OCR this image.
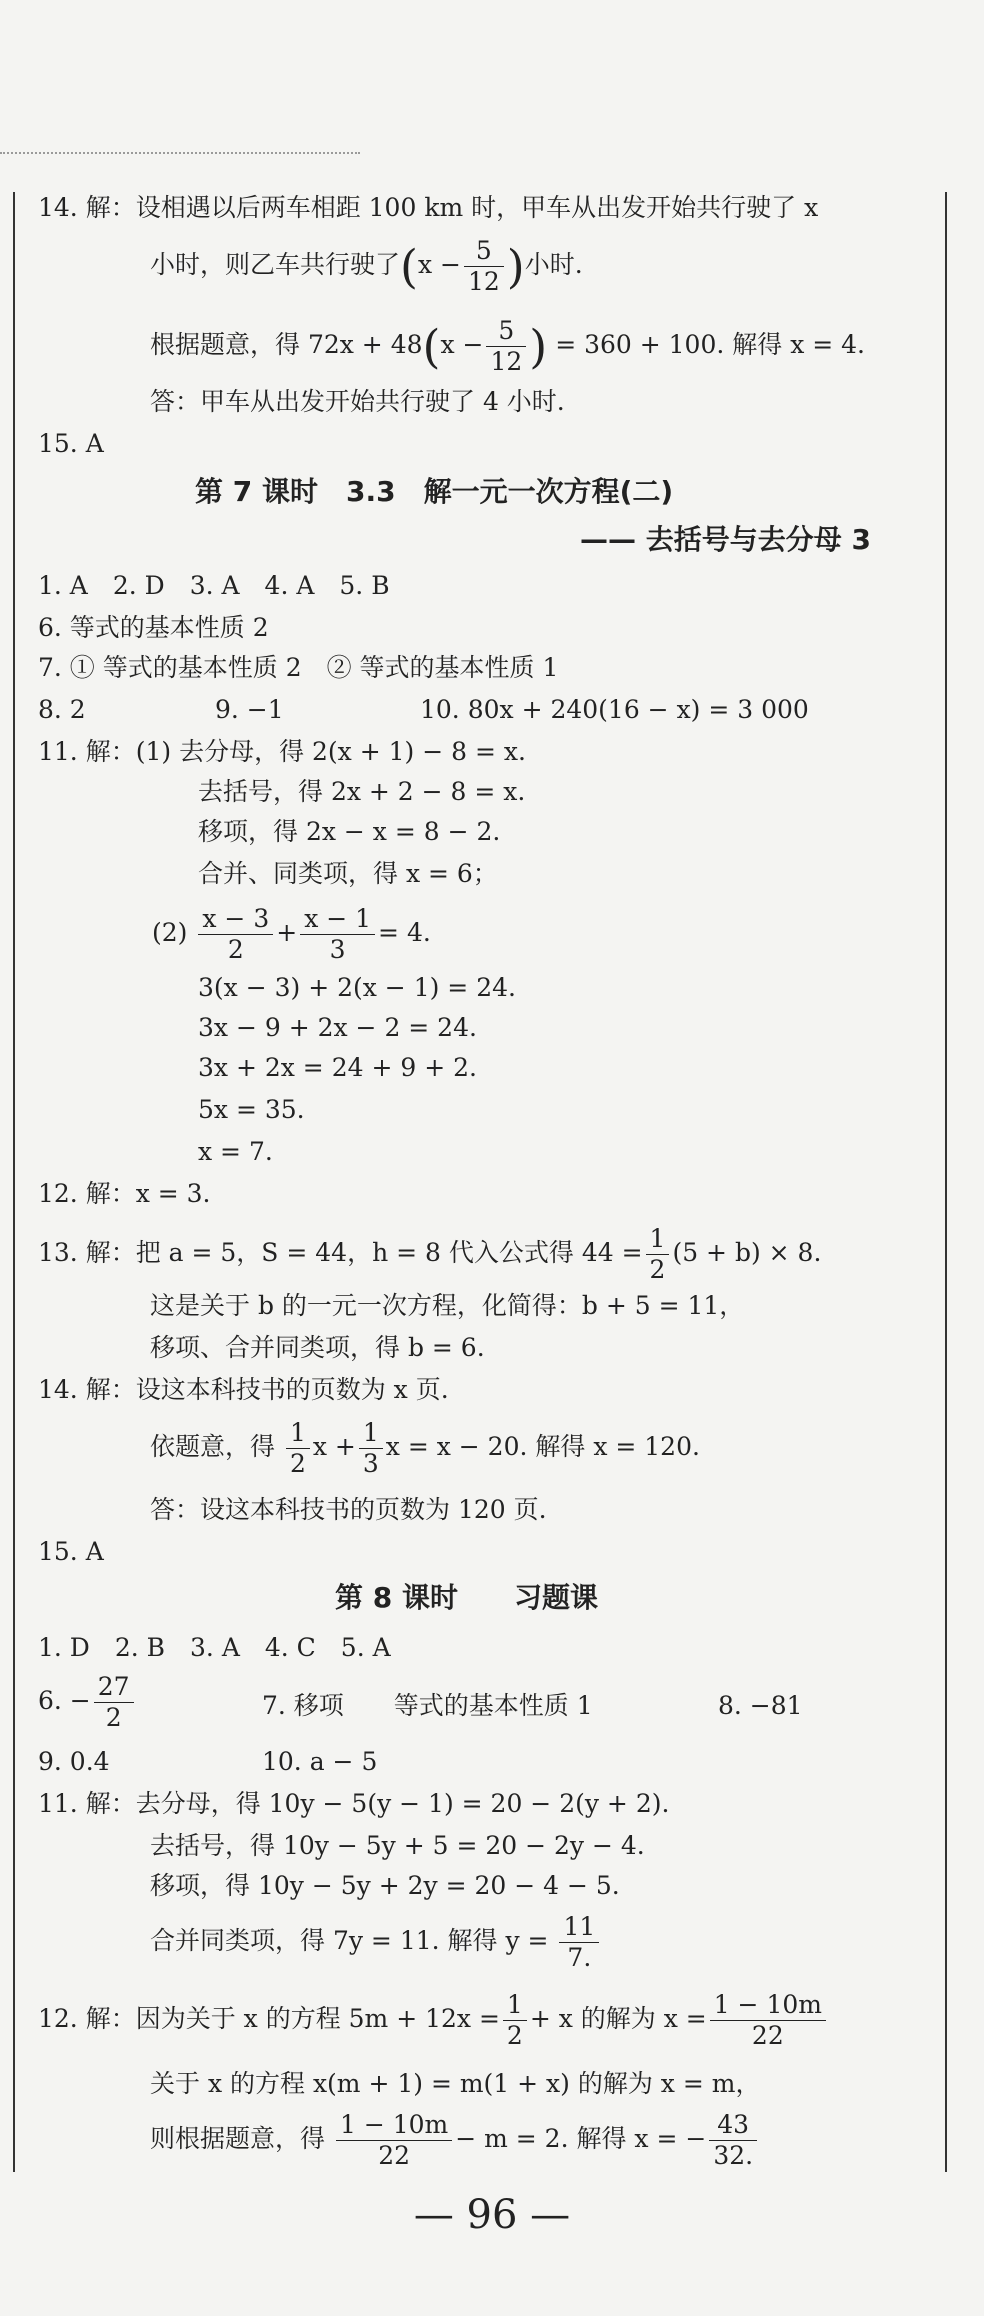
14. 解：设相遇以后两车相距 100 km 时，甲车从出发开始共行驶了 x
小时，则乙车共行驶了($x - \frac{5}{12}$ )小时.
根据题意，得 $72x + 48(x - \frac{5}{12}$ ) = 360 + 100. 解得 x = 4.
答：甲车从出发开始共行驶了 4 小时.
15. A
第 7 课时　3.3　解一元一次方程(二)
—— 去括号与去分母 3
1. A　2. D　3. A　4. A　5. B
6. 等式的基本性质 2
7. ① 等式的基本性质 2　② 等式的基本性质 1
8. 2	9. −1	10. 80x + 240(16 − x) = 3 000
11. 解：(1) 去分母，得 2(x + 1) − 8 = x.
去括号，得 2x + 2 − 8 = x.
移项，得 2x − x = 8 − 2.
合并、同类项，得 x = 6；
$(2) \frac{x - 3}{2} + \frac{x - 1}{3} = 4$.
3(x − 3) + 2(x − 1) = 24.
3x − 9 + 2x − 2 = 24.
3x + 2x = 24 + 9 + 2.
5x = 35.
x = 7.
12. 解：x = 3.
13. 解：把 a = 5，S = 44，h = 8 代入公式得 $44 = \frac{1}{2} (5 + b) \times 8$.
这是关于 b 的一元一次方程，化简得：b + 5 = 11，
移项、合并同类项，得 b = 6.
14. 解：设这本科技书的页数为 x 页.
依题意，得 $\frac{1}{2}$ $x + \frac{1}{3}$ x = x − 20. 解得 x = 120.
答：设这本科技书的页数为 120 页.
15. A
第 8 课时　　习题课
1. D　2. B　3. A　4. C　5. A
6. − $\frac{27}{2}$	7. 移项　　等式的基本性质 1	8. −81
9. 0.4	10. a − 5
11. 解：去分母，得 10y − 5(y − 1) = 20 − 2(y + 2).
去括号，得 10y − 5y + 5 = 20 − 2y − 4.
移项，得 10y − 5y + 2y = 20 − 4 − 5.
合并同类项，得 7y = 11. 解得 $y = \frac{11}{7.}$
12. 解：因为关于 x 的方程 $5m + 12x = \frac{1}{2} + x$ 的解为 $x = \frac{1 - 10m}{22}$
关于 x 的方程 x(m + 1) = m(1 + x) 的解为 x = m，
则根据题意，得 $\frac{1 - 10m}{22} - m = 2$. 解得 x = − $\frac{43}{32.}$
— 96 —
